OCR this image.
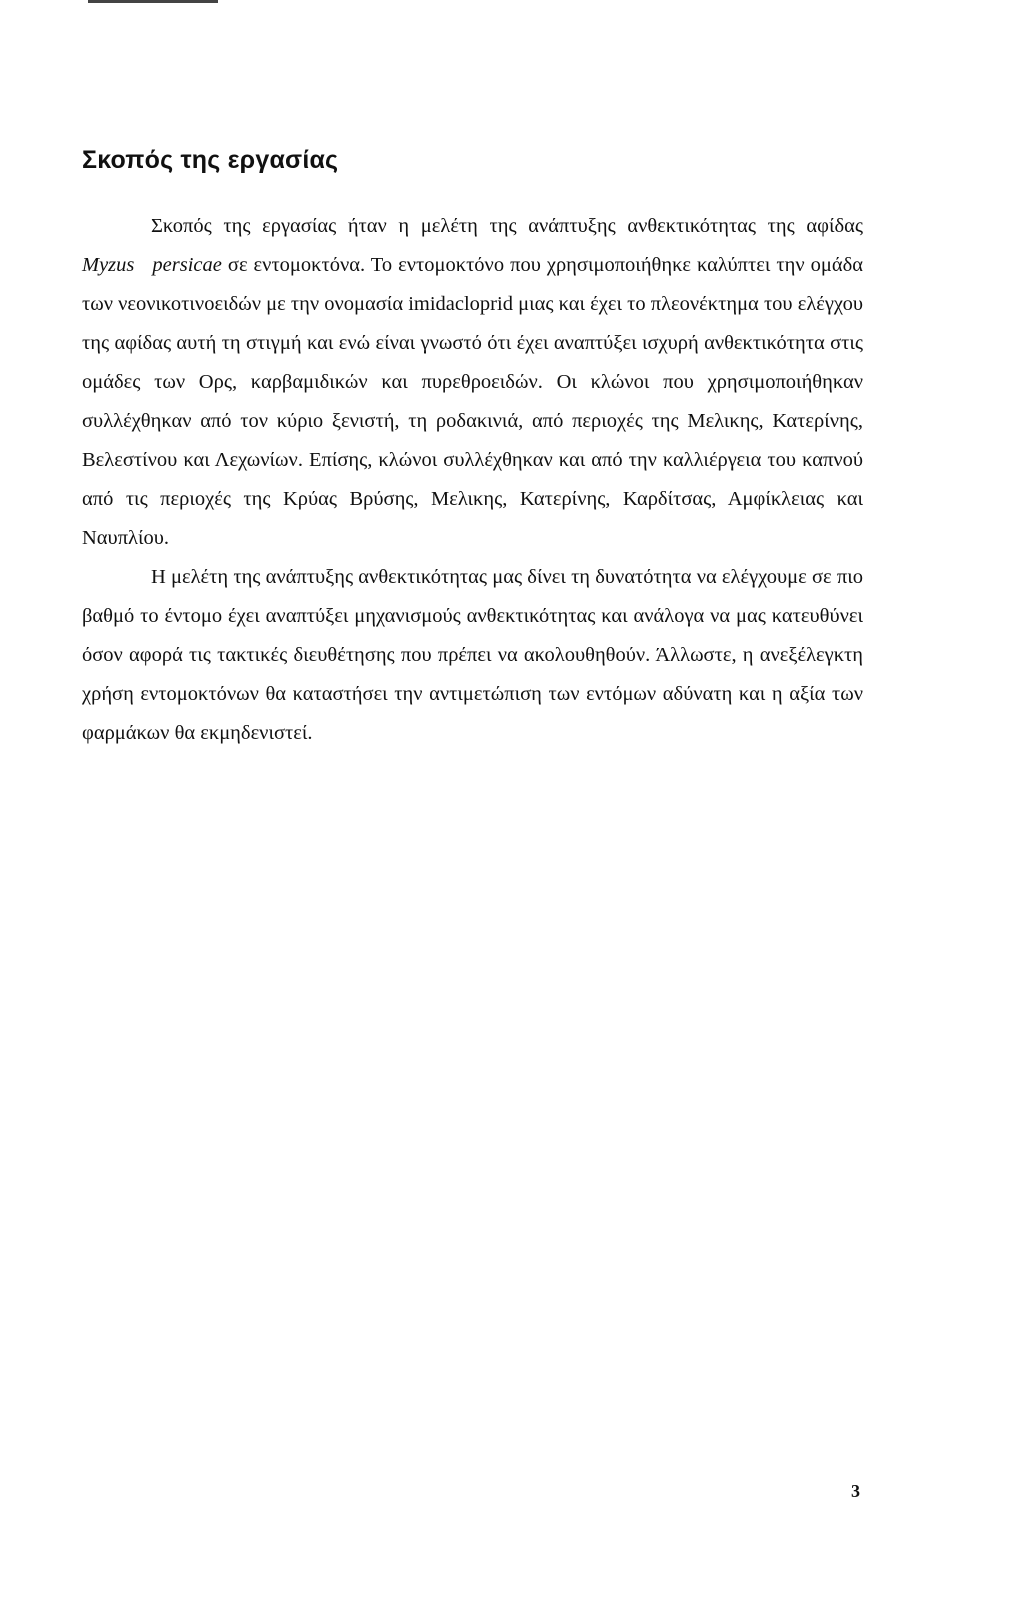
Σκοπός της εργασίας

Σκοπός της εργασίας ήταν η μελέτη της ανάπτυξης ανθεκτικότητας της αφίδας Myzus   persicae σε εντομοκτόνα. Το εντομοκτόνο που χρησιμοποιήθηκε καλύπτει την ομάδα των νεονικοτινοειδών με την ονομασία imidacloprid μιας και έχει το πλεονέκτημα του ελέγχου της αφίδας αυτή τη στιγμή και ενώ είναι γνωστό ότι έχει αναπτύξει ισχυρή ανθεκτικότητα στις ομάδες των Ορς, καρβαμιδικών και πυρεθροειδών. Οι κλώνοι που χρησιμοποιήθηκαν συλλέχθηκαν από τον κύριο ξενιστή, τη ροδακινιά, από περιοχές της Μελικης, Κατερίνης, Βελεστίνου και Λεχωνίων. Επίσης, κλώνοι συλλέχθηκαν και από την καλλιέργεια του καπνού από τις περιοχές της Κρύας Βρύσης, Μελικης, Κατερίνης, Καρδίτσας, Αμφίκλειας και Ναυπλίου.

Η μελέτη της ανάπτυξης ανθεκτικότητας μας δίνει τη δυνατότητα να ελέγχουμε σε πιο βαθμό το έντομο έχει αναπτύξει μηχανισμούς ανθεκτικότητας και ανάλογα να μας κατευθύνει όσον αφορά τις τακτικές διευθέτησης που πρέπει να ακολουθηθούν. Άλλωστε, η ανεξέλεγκτη χρήση εντομοκτόνων θα καταστήσει την αντιμετώπιση των εντόμων αδύνατη και η αξία των φαρμάκων θα εκμηδενιστεί.

3
